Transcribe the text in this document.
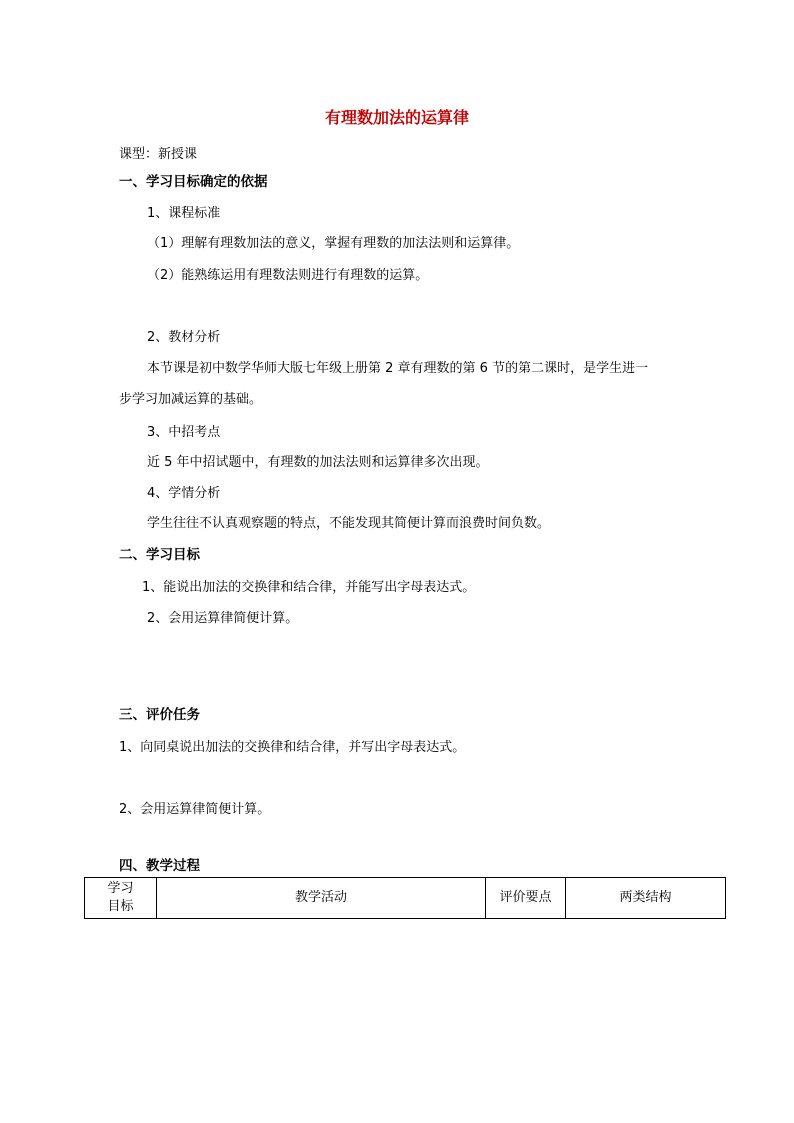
有理数加法的运算律
课型：新授课
一、学习目标确定的依据
1、课程标准
（1）理解有理数加法的意义，掌握有理数的加法法则和运算律。
（2）能熟练运用有理数法则进行有理数的运算。
2、教材分析
本节课是初中数学华师大版七年级上册第 2 章有理数的第 6 节的第二课时，是学生进一
步学习加减运算的基础。
3、中招考点
近 5 年中招试题中，有理数的加法法则和运算律多次出现。
4、学情分析
学生往往不认真观察题的特点，不能发现其简便计算而浪费时间负数。
二、学习目标
1、能说出加法的交换律和结合律，并能写出字母表达式。
2、会用运算律简便计算。
三、评价任务
1、向同桌说出加法的交换律和结合律，并写出字母表达式。
2、会用运算律简便计算。
四、教学过程
学习
目标
	教学活动	评价要点	两类结构
